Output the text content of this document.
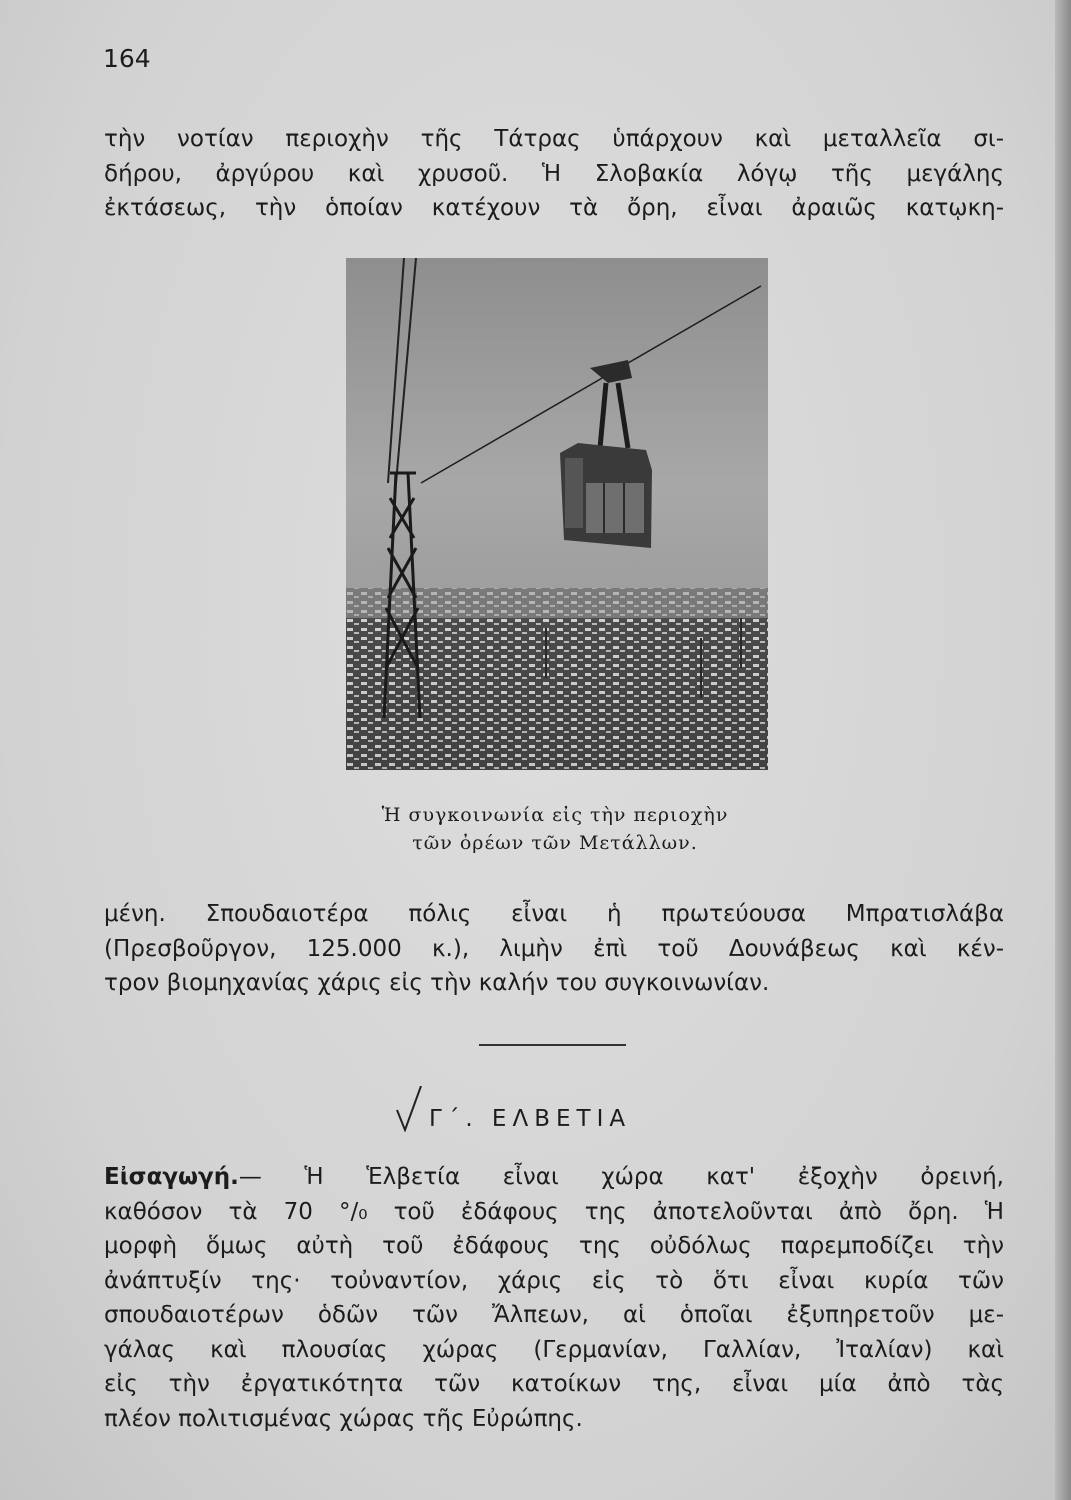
164
τὴν νοτίαν περιοχὴν τῆς Τάτρας ὑπάρχουν καὶ μεταλλεῖα σι-
δήρου, ἀργύρου καὶ χρυσοῦ. Ἡ Σλοβακία λόγῳ τῆς μεγάλης
ἐκτάσεως, τὴν ὁποίαν κατέχουν τὰ ὄρη, εἶναι ἀραιῶς κατῳκη-
Ἡ συγκοινωνία εἰς τὴν περιοχὴν
τῶν ὀρέων τῶν Μετάλλων.
μένη. Σπουδαιοτέρα πόλις εἶναι ἡ πρωτεύουσα Μπρατισλάβα
(Πρεσβοῦργον, 125.000 κ.), λιμὴν ἐπὶ τοῦ Δουνάβεως καὶ κέν-
τρον βιομηχανίας χάρις εἰς τὴν καλήν του συγκοινωνίαν.
Γ΄. ΕΛΒΕΤΙΑ
Εἰσαγωγή.— Ἡ Ἑλβετία εἶναι χώρα κατ' ἐξοχὴν ὀρεινή,
καθόσον τὰ 70 °/₀ τοῦ ἐδάφους της ἀποτελοῦνται ἀπὸ ὄρη. Ἡ
μορφὴ ὅμως αὐτὴ τοῦ ἐδάφους της οὐδόλως παρεμποδίζει τὴν
ἀνάπτυξίν της· τοὐναντίον, χάρις εἰς τὸ ὅτι εἶναι κυρία τῶν
σπουδαιοτέρων ὁδῶν τῶν Ἄλπεων, αἱ ὁποῖαι ἐξυπηρετοῦν με-
γάλας καὶ πλουσίας χώρας (Γερμανίαν, Γαλλίαν, Ἰταλίαν) καὶ
εἰς τὴν ἐργατικότητα τῶν κατοίκων της, εἶναι μία ἀπὸ τὰς
πλέον πολιτισμένας χώρας τῆς Εὐρώπης.
